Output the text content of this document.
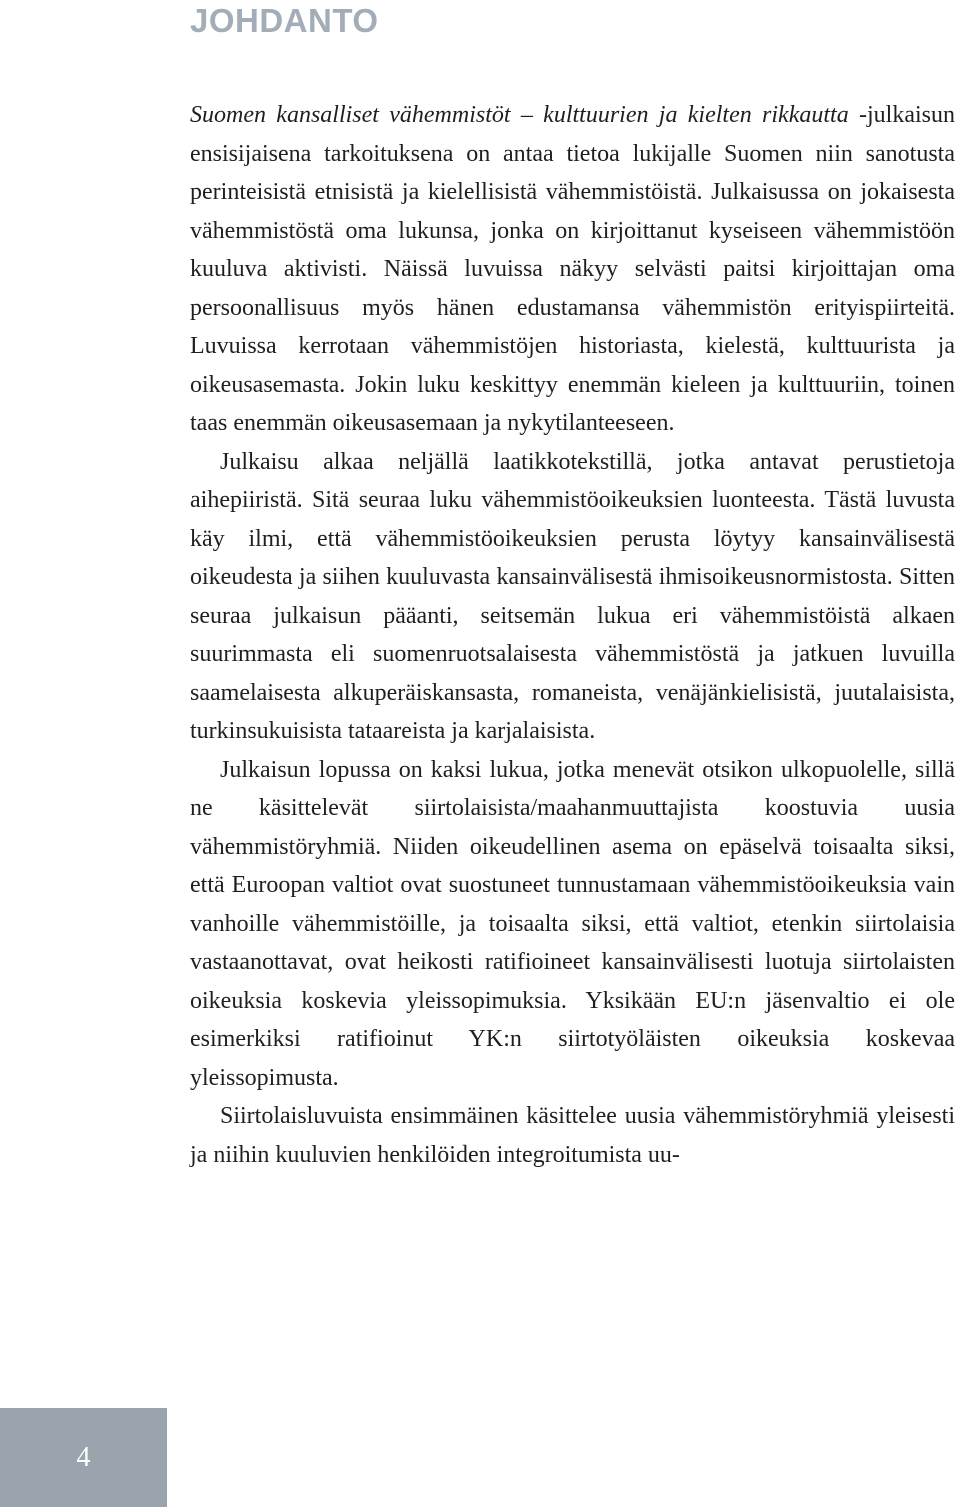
JOHDANTO

Suomen kansalliset vähemmistöt – kulttuurien ja kielten rikkautta -julkaisun ensisijaisena tarkoituksena on antaa tietoa lukijalle Suomen niin sanotusta perinteisistä etnisistä ja kielellisistä vähemmistöistä. Julkaisussa on jokaisesta vähemmistöstä oma lukunsa, jonka on kirjoittanut kyseiseen vähemmistöön kuuluva aktivisti. Näissä luvuissa näkyy selvästi paitsi kirjoittajan oma persoonallisuus myös hänen edustamansa vähemmistön erityispiirteitä. Luvuissa kerrotaan vähemmistöjen historiasta, kielestä, kulttuurista ja oikeusasemasta. Jokin luku keskittyy enemmän kieleen ja kulttuuriin, toinen taas enemmän oikeusasemaan ja nykytilanteeseen.

Julkaisu alkaa neljällä laatikkotekstillä, jotka antavat perustietoja aihepiiristä. Sitä seuraa luku vähemmistöoikeuksien luonteesta. Tästä luvusta käy ilmi, että vähemmistöoikeuksien perusta löytyy kansainvälisestä oikeudesta ja siihen kuuluvasta kansainvälisestä ihmisoikeusnormistosta. Sitten seuraa julkaisun pääanti, seitsemän lukua eri vähemmistöistä alkaen suurimmasta eli suomenruotsalaisesta vähemmistöstä ja jatkuen luvuilla saamelaisesta alkuperäiskansasta, romaneista, venäjänkielisistä, juutalaisista, turkinsukuisista tataareista ja karjalaisista.

Julkaisun lopussa on kaksi lukua, jotka menevät otsikon ulkopuolelle, sillä ne käsittelevät siirtolaisista/maahanmuuttajista koostuvia uusia vähemmistöryhmiä. Niiden oikeudellinen asema on epäselvä toisaalta siksi, että Euroopan valtiot ovat suostuneet tunnustamaan vähemmistöoikeuksia vain vanhoille vähemmistöille, ja toisaalta siksi, että valtiot, etenkin siirtolaisia vastaanottavat, ovat heikosti ratifioineet kansainvälisesti luotuja siirtolaisten oikeuksia koskevia yleissopimuksia. Yksikään EU:n jäsenvaltio ei ole esimerkiksi ratifioinut YK:n siirtotyöläisten oikeuksia koskevaa yleissopimusta.

Siirtolaisluvuista ensimmäinen käsittelee uusia vähemmistöryhmiä yleisesti ja niihin kuuluvien henkilöiden integroitumista uu-

4
